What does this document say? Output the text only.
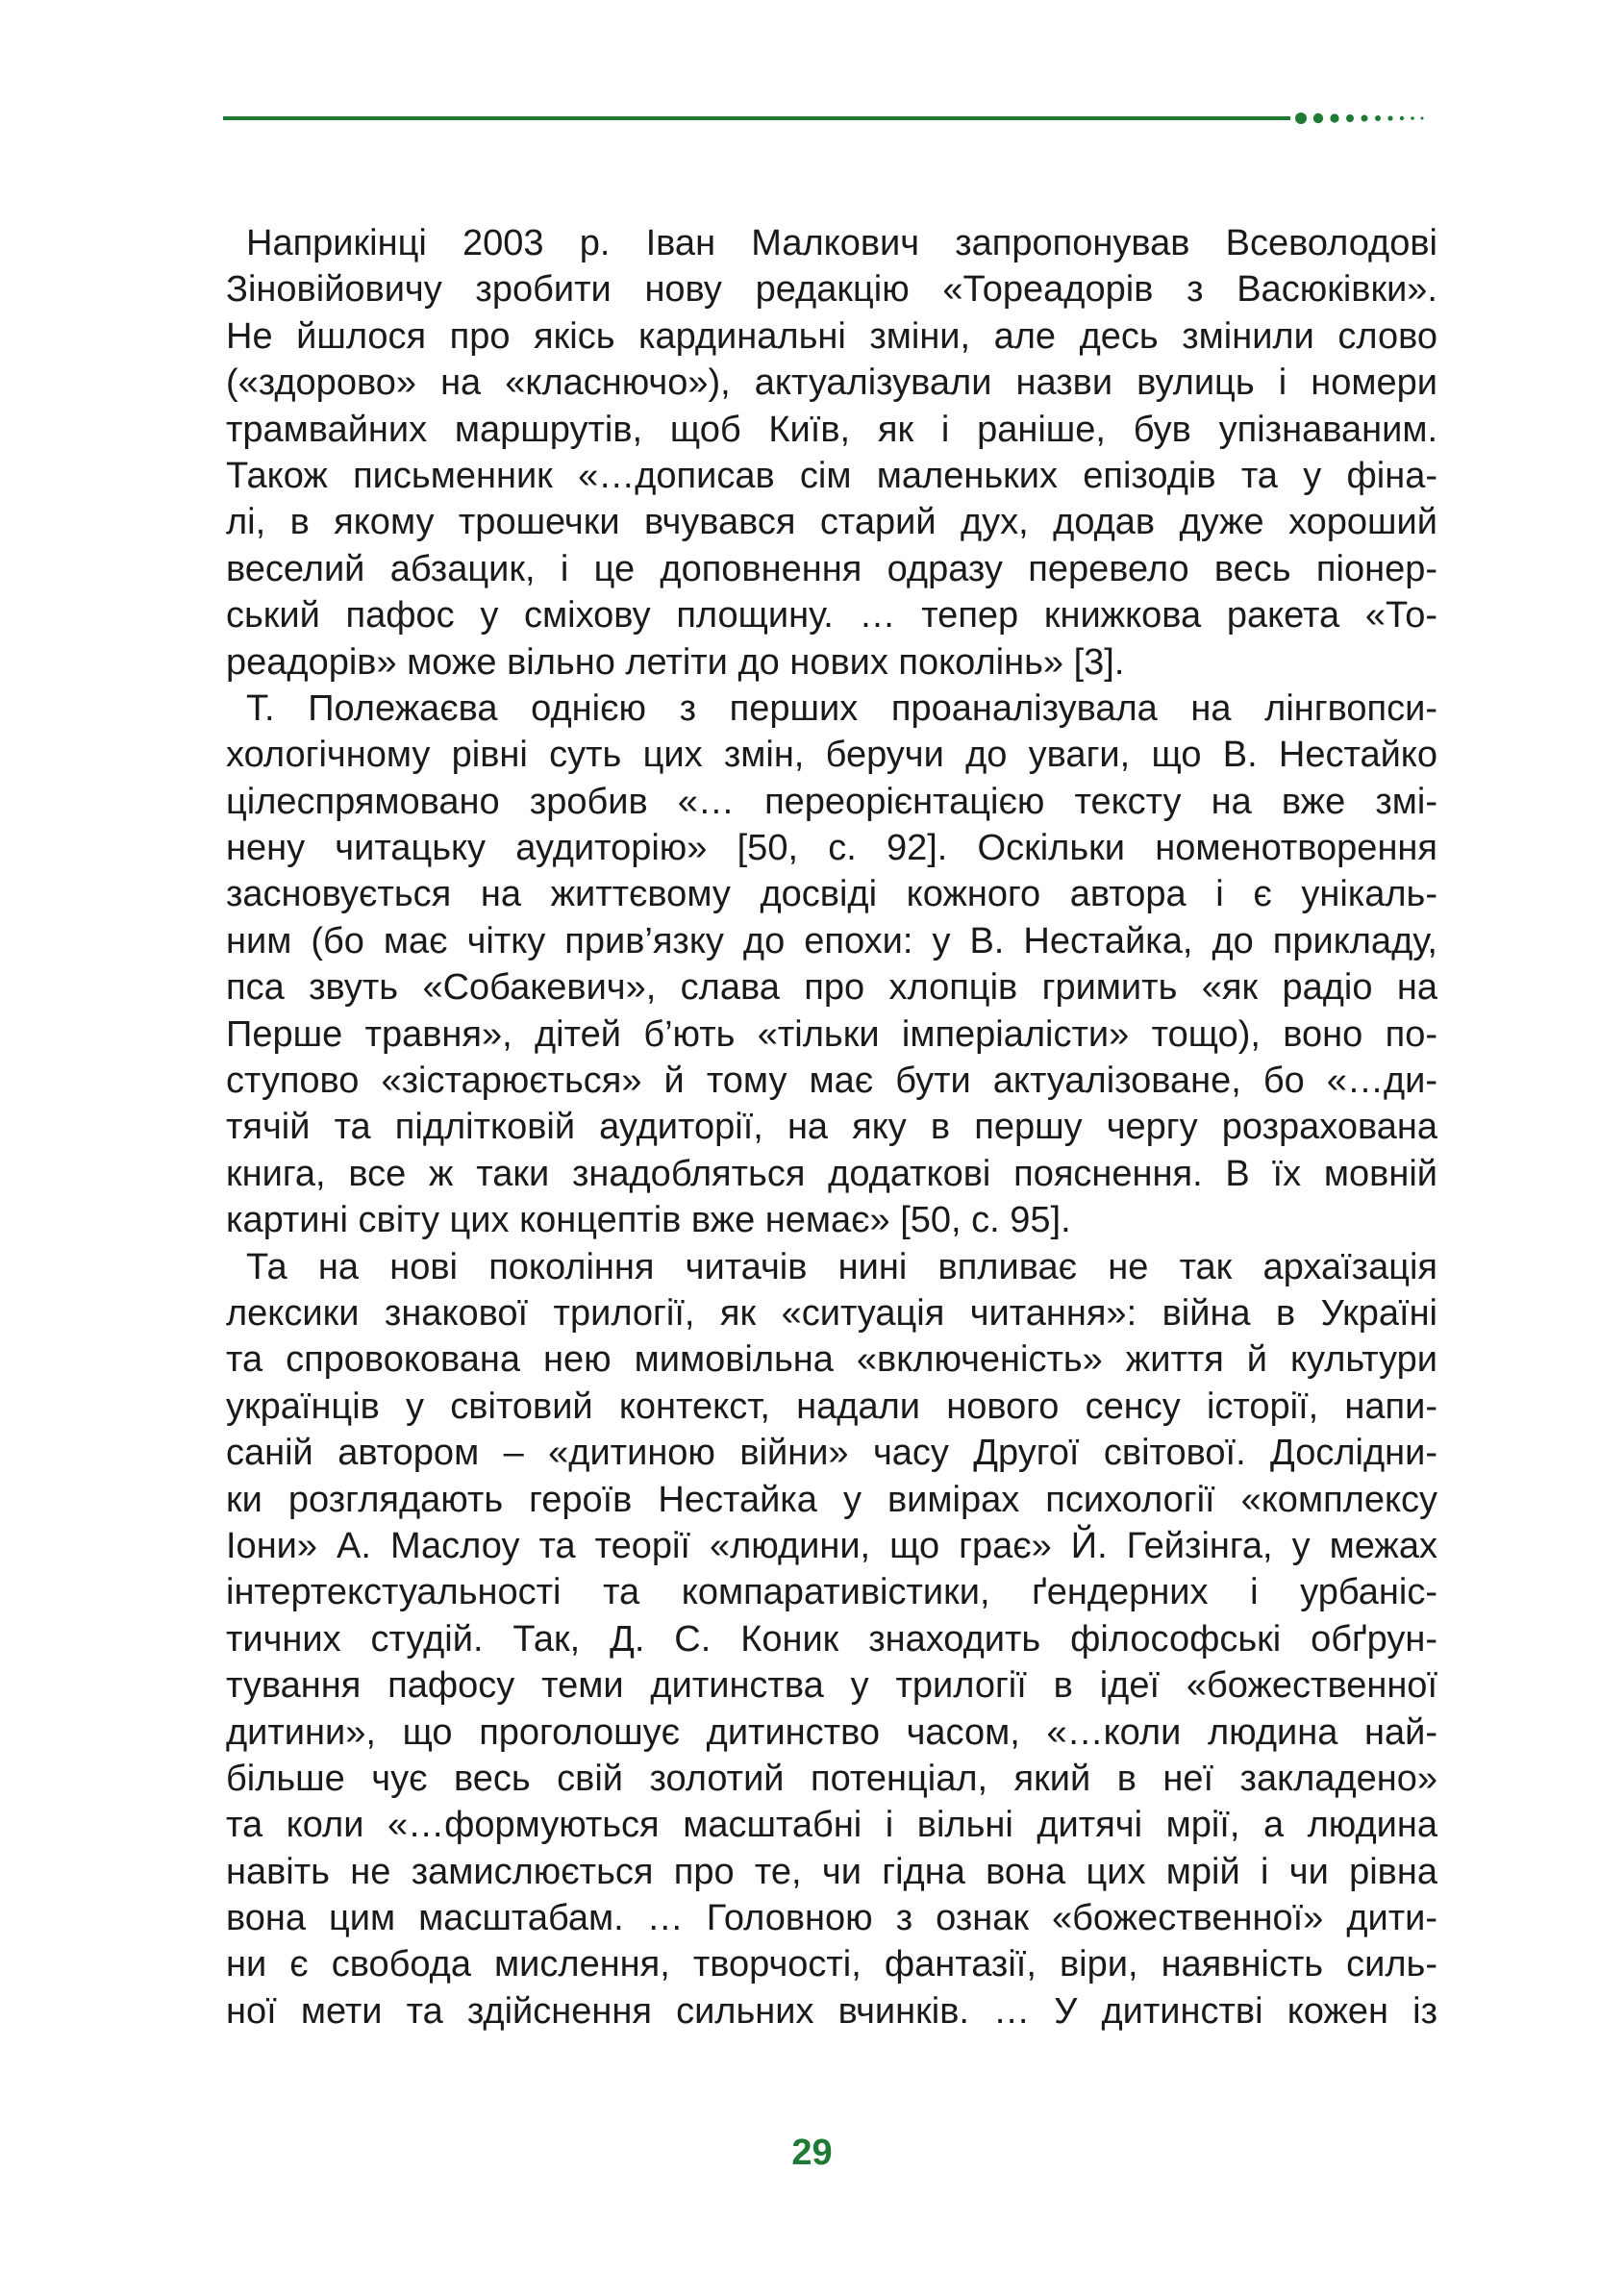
Наприкінці 2003 р. Іван Малкович запропонував Всеволодові
Зіновійовичу зробити нову редакцію «Тореадорів з Васюківки».
Не йшлося про якісь кардинальні зміни, але десь змінили слово
(«здорово» на «класнючо»), актуалізували назви вулиць і номери
трамвайних маршрутів, щоб Київ, як і раніше, був упізнаваним.
Також письменник «…дописав сім маленьких епізодів та у фіна-
лі, в якому трошечки вчувався старий дух, додав дуже хороший
веселий абзацик, і це доповнення одразу перевело весь піонер-
ський пафос у сміхову площину. … тепер книжкова ракета «То-
реадорів» може вільно летіти до нових поколінь» [3].

Т. Полежаєва однією з перших проаналізувала на лінгвопси-
хологічному рівні суть цих змін, беручи до уваги, що В. Нестайко
цілеспрямовано зробив «… переорієнтацією тексту на вже змі-
нену читацьку аудиторію» [50, с. 92]. Оскільки номенотворення
засновується на життєвому досвіді кожного автора і є унікаль-
ним (бо має чітку прив’язку до епохи: у В. Нестайка, до прикладу,
пса звуть «Собакевич», слава про хлопців гримить «як радіо на
Перше травня», дітей б’ють «тільки імперіалісти» тощо), воно по-
ступово «зістарюється» й тому має бути актуалізоване, бо «…ди-
тячій та підлітковій аудиторії, на яку в першу чергу розрахована
книга, все ж таки знадобляться додаткові пояснення. В їх мовній
картині світу цих концептів вже немає» [50, с. 95].

Та на нові покоління читачів нині впливає не так архаїзація
лексики знакової трилогії, як «ситуація читання»: війна в Україні
та спровокована нею мимовільна «включеність» життя й культури
українців у світовий контекст, надали нового сенсу історії, напи-
саній автором – «дитиною війни» часу Другої світової. Дослідни-
ки розглядають героїв Нестайка у вимірах психології «комплексу
Іони» А. Маслоу та теорії «людини, що грає» Й. Гейзінга, у межах
інтертекстуальності та компаративістики, ґендерних і урбаніс-
тичних студій. Так, Д. С. Коник знаходить філософські обґрун-
тування пафосу теми дитинства у трилогії в ідеї «божественної
дитини», що проголошує дитинство часом, «…коли людина най-
більше чує весь свій золотий потенціал, який в неї закладено»
та коли «…формуються масштабні і вільні дитячі мрії, а людина
навіть не замислюється про те, чи гідна вона цих мрій і чи рівна
вона цим масштабам. … Головною з ознак «божественної» дити-
ни є свобода мислення, творчості, фантазії, віри, наявність силь-
ної мети та здійснення сильних вчинків. … У дитинстві кожен із

29
